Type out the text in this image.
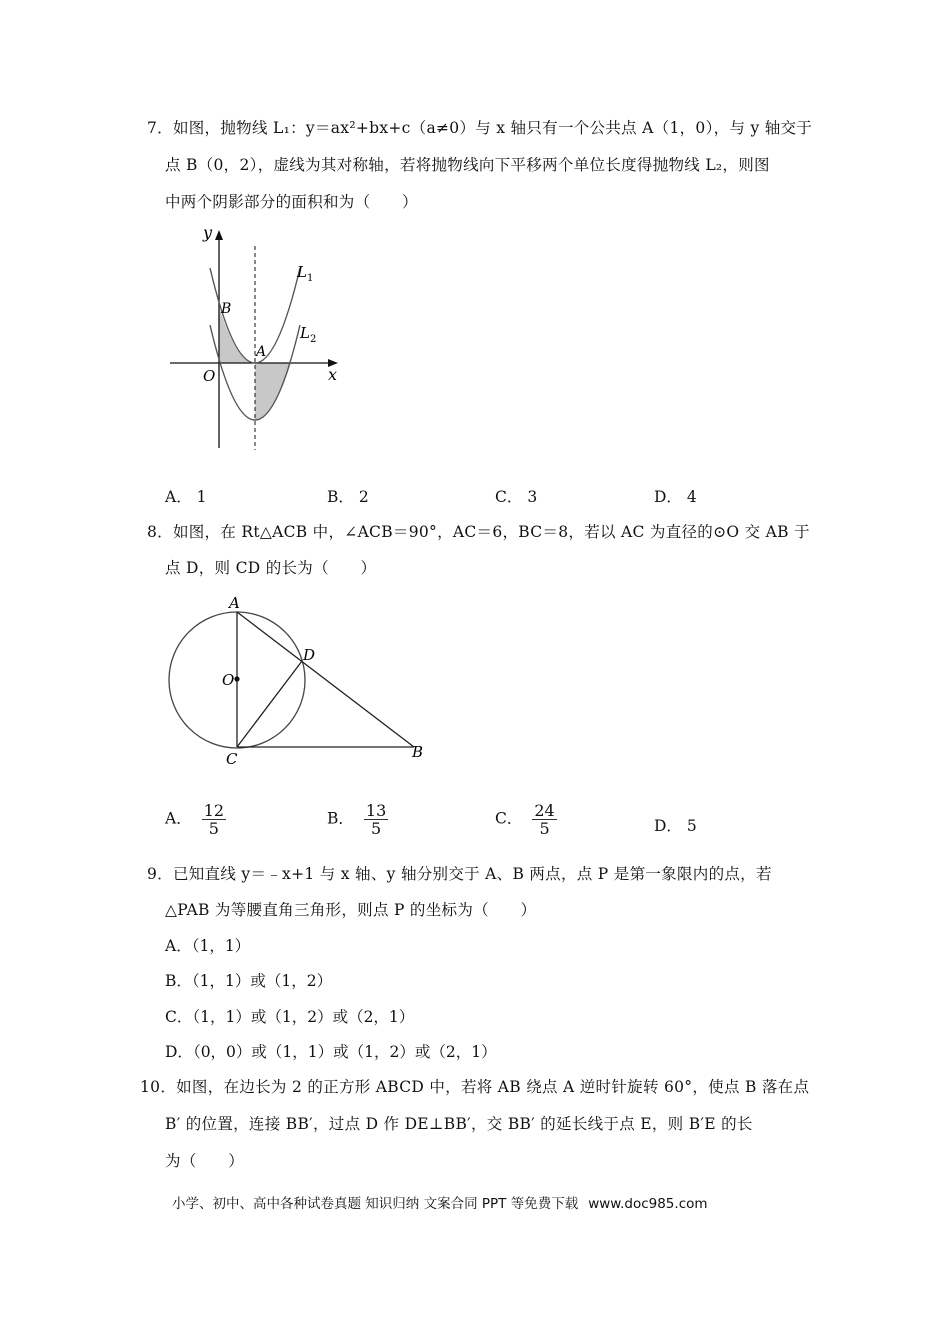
7．如图，抛物线 L₁：y＝ax²+bx+c（a≠0）与 x 轴只有一个公共点 A（1，0），与 y 轴交于
点 B（0，2），虚线为其对称轴，若将抛物线向下平移两个单位长度得抛物线 L₂，则图
中两个阴影部分的面积和为（　　）
y
x
O
A
B
$L_1$
$L_2$
A． 1	B． 2	C． 3	D． 4
8．如图，在 Rt△ACB 中，∠ACB＝90°，AC＝6，BC＝8，若以 AC 为直径的⊙O 交 AB 于
点 D，则 CD 的长为（　　）
A
O
D
C	B
A． $\frac{12}{5}$	B． $\frac{13}{5}$	C． $\frac{24}{5}$	D． 5
9．已知直线 y＝﹣x+1 与 x 轴、y 轴分别交于 A、B 两点，点 P 是第一象限内的点，若
△PAB 为等腰直角三角形，则点 P 的坐标为（　　）
A．（1，1）
B．（1，1）或（1，2）
C．（1，1）或（1，2）或（2，1）
D．（0，0）或（1，1）或（1，2）或（2，1）
10．如图，在边长为 2 的正方形 ABCD 中，若将 AB 绕点 A 逆时针旋转 60°，使点 B 落在点
B′ 的位置，连接 BB′，过点 D 作 DE⊥BB′，交 BB′ 的延长线于点 E，则 B′E 的长
为（　　）
小学、初中、高中各种试卷真题 知识归纳 文案合同 PPT 等免费下载 www.doc985.com
